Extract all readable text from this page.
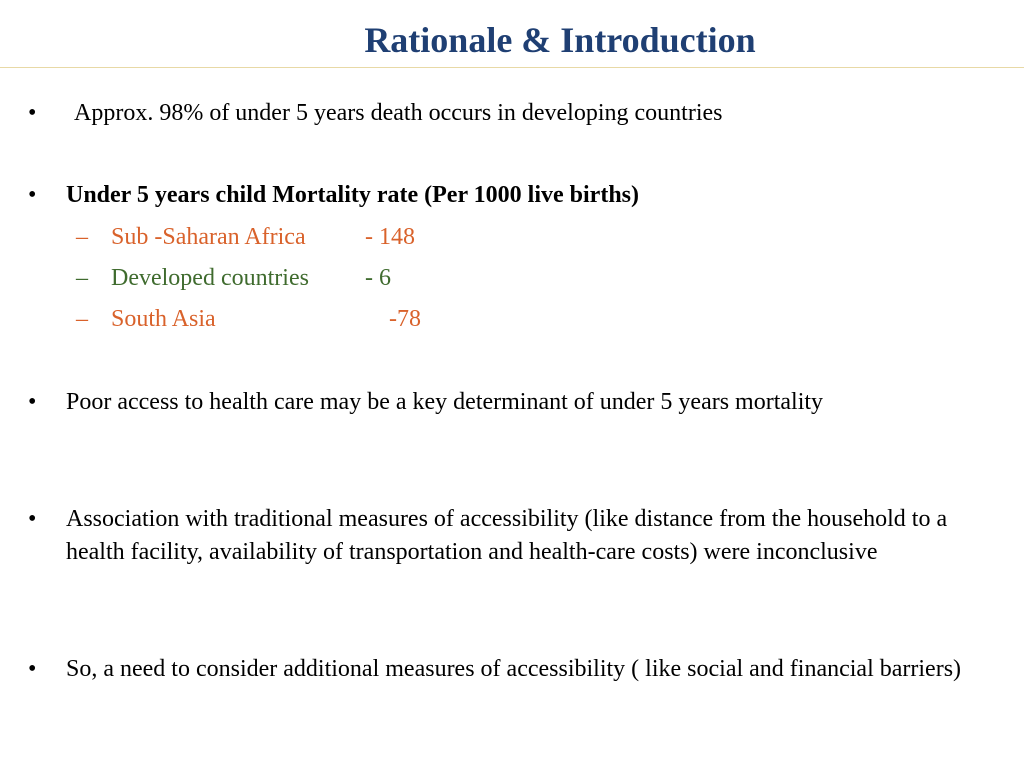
Rationale & Introduction
•	Approx. 98% of under 5 years death occurs in developing countries
•	Under 5 years child Mortality rate (Per 1000 live births)
– Sub -Saharan Africa - 148
– Developed countries - 6
– South Asia	-78
•	Poor access to health care may be a key determinant of under 5 years mortality
•	Association with traditional measures of accessibility (like distance from the household to a health facility, availability of transportation and health-care costs) were inconclusive
•	So, a need to consider additional measures of accessibility ( like social and financial barriers)
